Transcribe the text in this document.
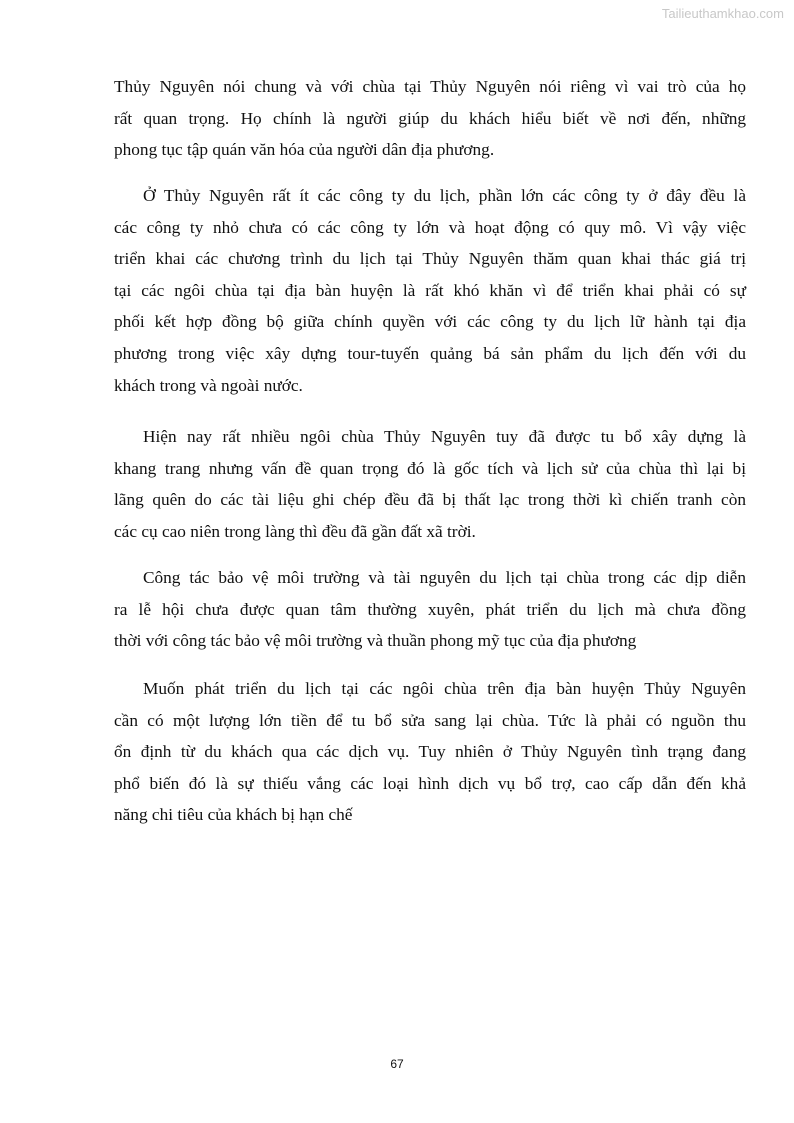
Tailieuthamkhao.com
Thủy Nguyên nói chung và với chùa tại Thủy Nguyên nói riêng vì vai trò của họ
rất quan trọng. Họ chính là người giúp du khách hiểu biết về nơi đến, những
phong tục tập quán văn hóa của người dân địa phương.
Ở Thủy Nguyên rất ít các công ty du lịch, phần lớn các công ty ở đây đều là
các công ty nhỏ chưa có các công ty lớn và hoạt động có quy mô. Vì vậy việc
triển khai các chương trình du lịch tại Thủy Nguyên thăm quan khai thác giá trị
tại các ngôi chùa tại địa bàn huyện là rất khó khăn vì để triển khai phải có sự
phối kết hợp đồng bộ giữa chính quyền với các công ty du lịch lữ hành tại địa
phương trong việc xây dựng tour-tuyến quảng bá sản phẩm du lịch đến với du
khách trong và ngoài nước.
Hiện nay rất nhiều ngôi chùa Thủy Nguyên tuy đã được tu bổ xây dựng là
khang trang nhưng vấn đề quan trọng đó là gốc tích và lịch sử của chùa thì lại bị
lãng quên do các tài liệu ghi chép đều đã bị thất lạc trong thời kì chiến tranh còn
các cụ cao niên trong làng thì đều đã gần đất xã trời.
Công tác bảo vệ môi trường và tài nguyên du lịch tại chùa trong các dịp diễn
ra lễ hội chưa được quan tâm thường xuyên, phát triển du lịch mà chưa đồng
thời với công tác bảo vệ môi trường và thuần phong mỹ tục của địa phương
Muốn phát triển du lịch tại các ngôi chùa trên địa bàn huyện Thủy Nguyên
cần có một lượng lớn tiền để tu bổ sửa sang lại chùa. Tức là phải có nguồn thu
ổn định từ du khách qua các dịch vụ. Tuy nhiên ở Thủy Nguyên tình trạng đang
phổ biến đó là sự thiếu vắng các loại hình dịch vụ bổ trợ, cao cấp dẫn đến khả
năng chi tiêu của khách bị hạn chế
67
